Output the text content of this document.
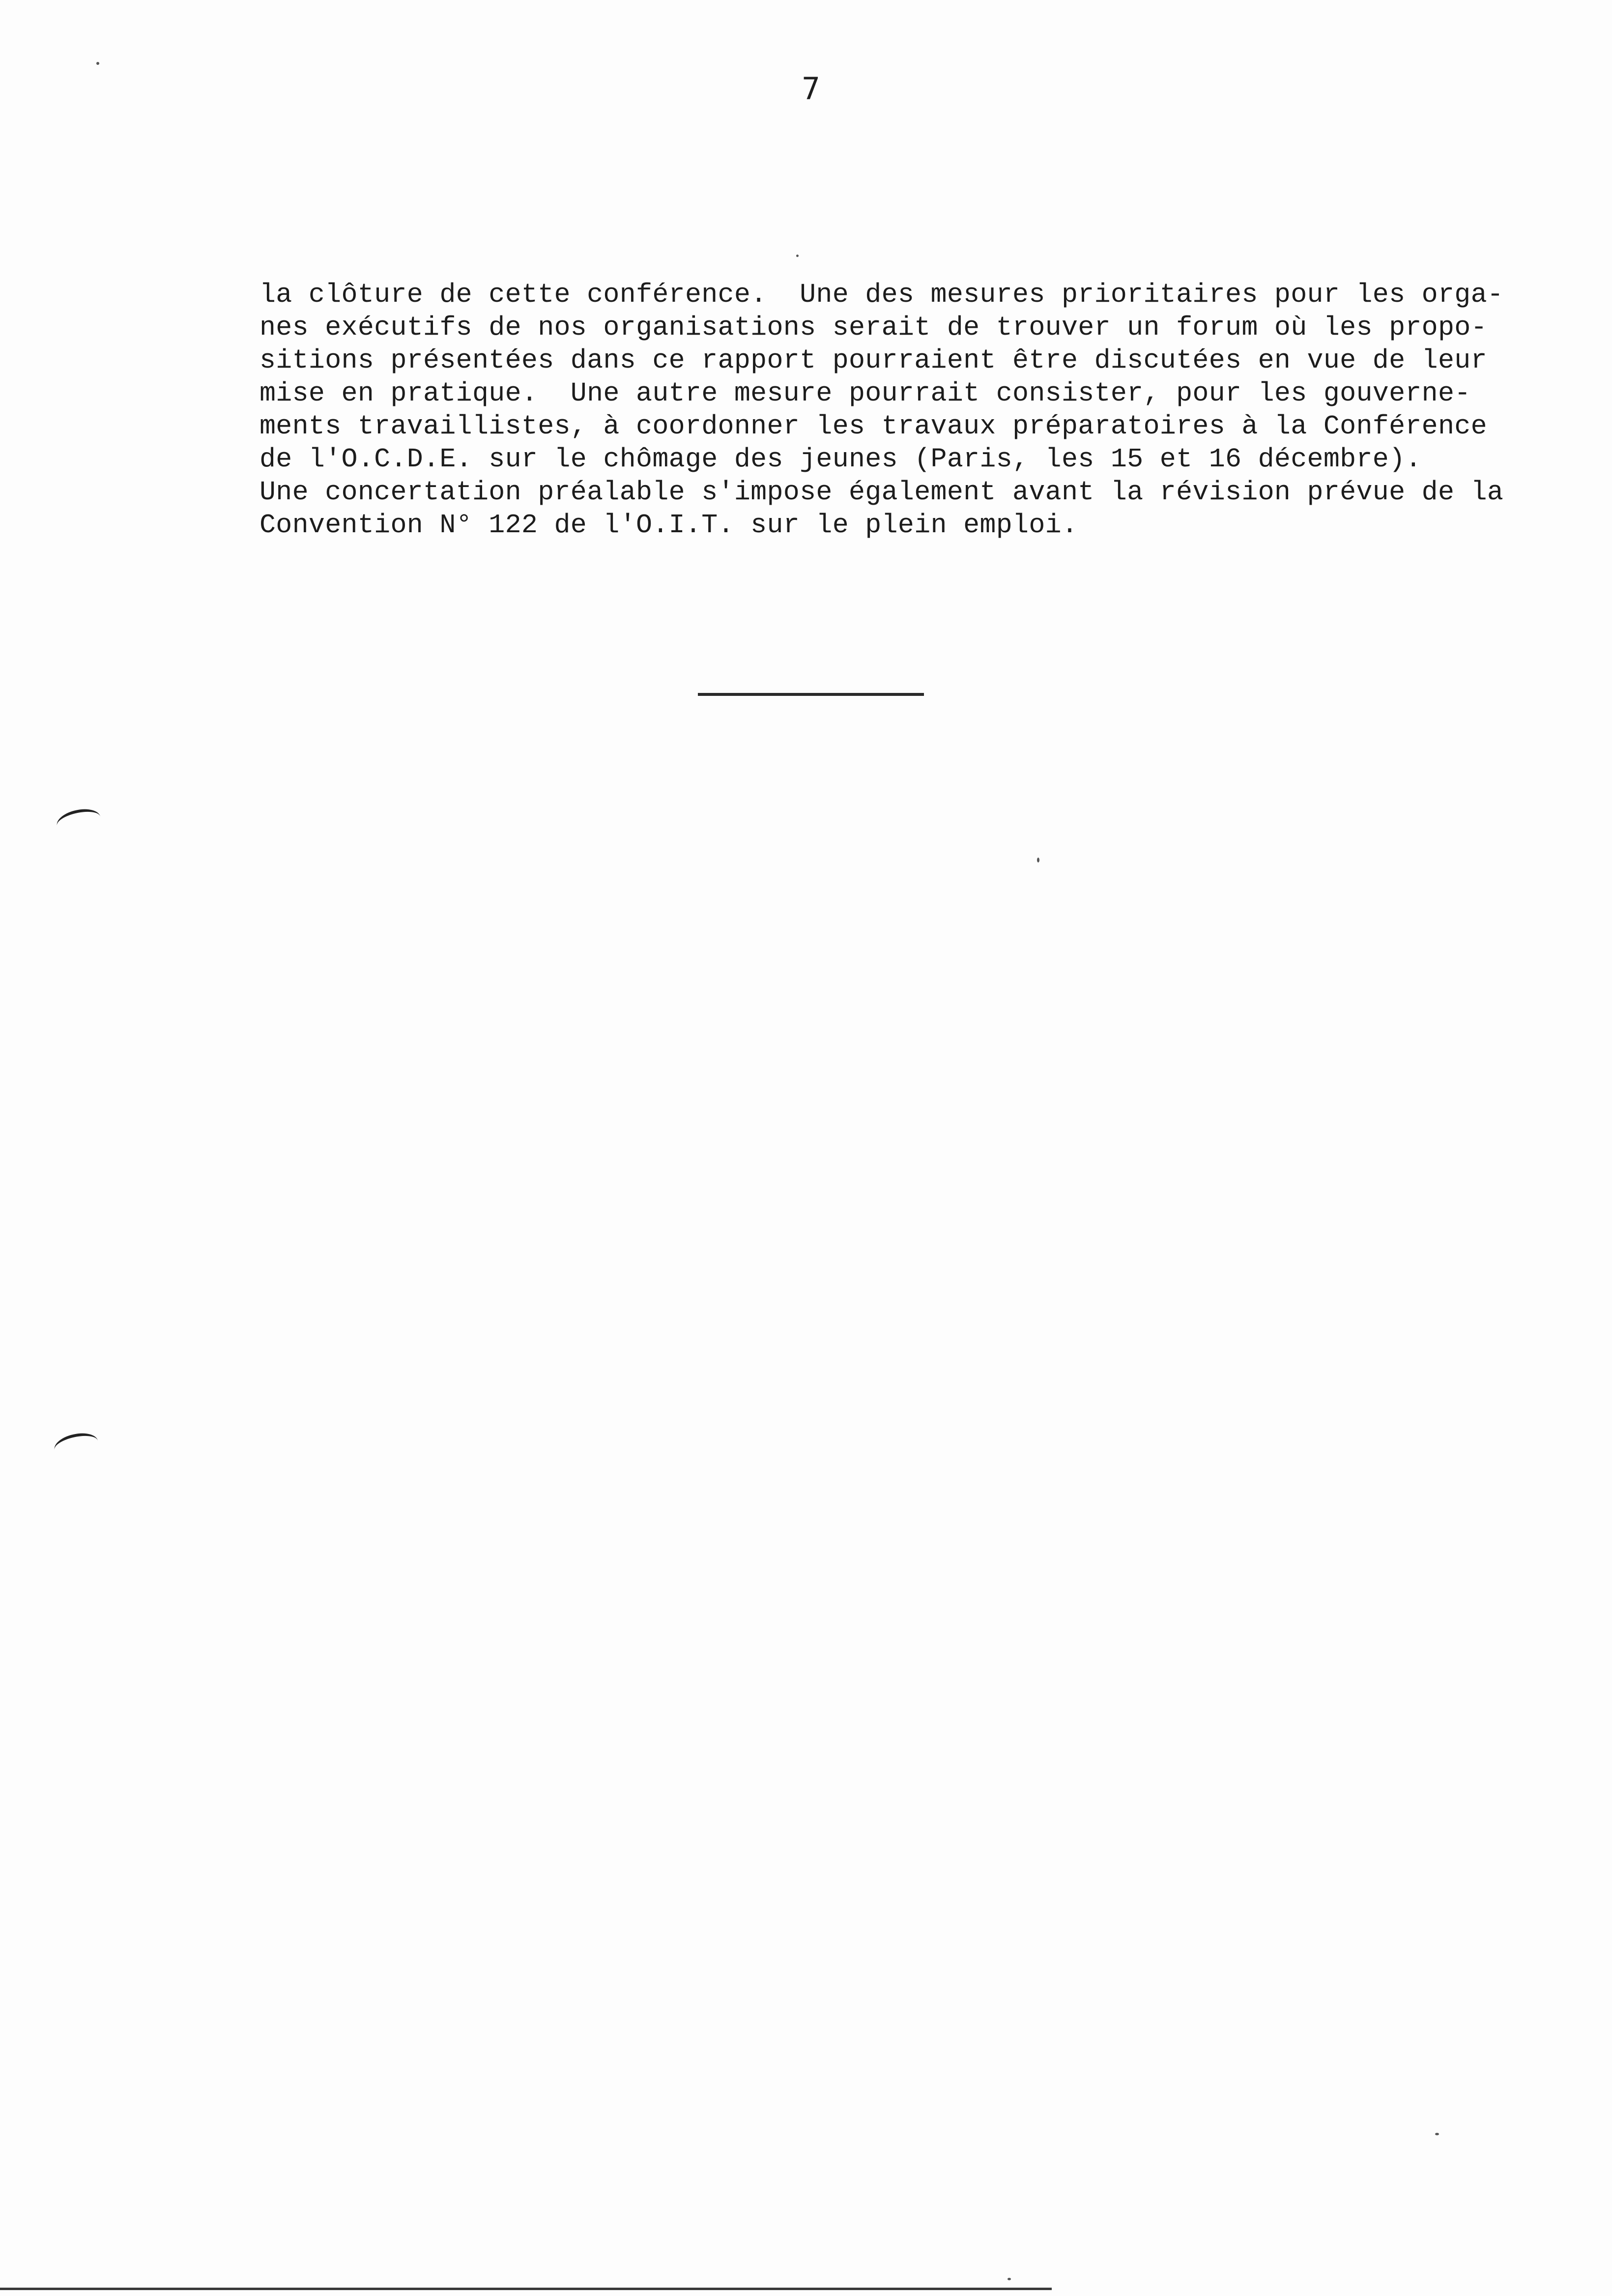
7

la clôture de cette conférence.  Une des mesures prioritaires pour les orga-
nes exécutifs de nos organisations serait de trouver un forum où les propo-
sitions présentées dans ce rapport pourraient être discutées en vue de leur
mise en pratique.  Une autre mesure pourrait consister, pour les gouverne-
ments travaillistes, à coordonner les travaux préparatoires à la Conférence
de l'O.C.D.E. sur le chômage des jeunes (Paris, les 15 et 16 décembre).
Une concertation préalable s'impose également avant la révision prévue de la
Convention N° 122 de l'O.I.T. sur le plein emploi.
